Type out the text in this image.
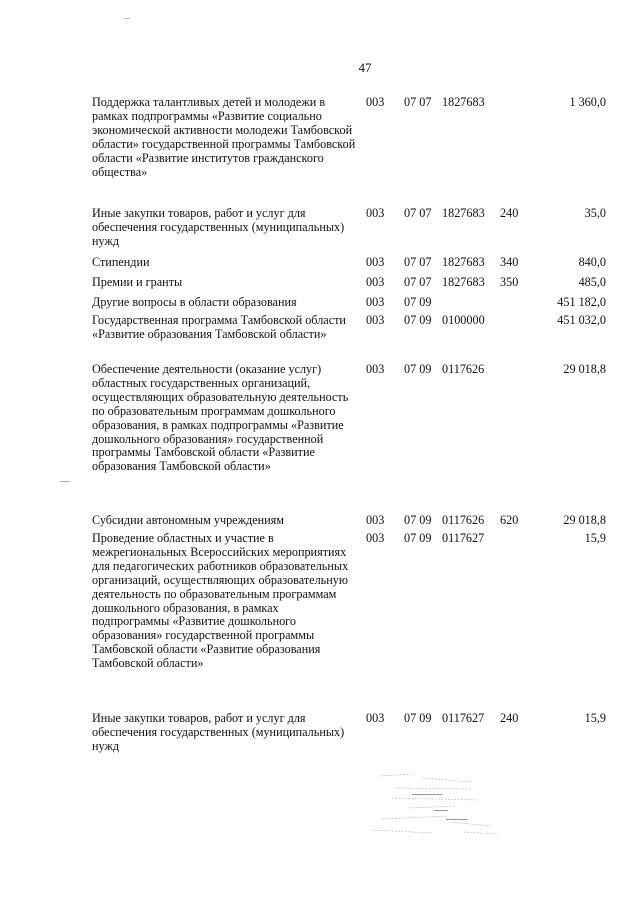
47
Поддержка талантливых детей и молодежи в рамках подпрограммы «Развитие социально экономической активности молодежи Тамбовской области» государственной программы Тамбовской области «Развитие институтов гражданского общества»
003	07 07 1827683	1 360,0
Иные закупки товаров, работ и услуг для обеспечения государственных (муниципальных) нужд
003	07 07 1827683	240	35,0
Стипендии	003	07 07 1827683	340	840,0
Премии и гранты	003	07 07 1827683	350	485,0
Другие вопросы в области образования	003	07 09	451 182,0
Государственная программа Тамбовской области «Развитие образования Тамбовской области»
003	07 09 0100000	451 032,0
Обеспечение деятельности (оказание услуг) областных государственных организаций, осуществляющих образовательную деятельность по образовательным программам дошкольного образования, в рамках подпрограммы «Развитие дошкольного образования» государственной программы Тамбовской области «Развитие образования Тамбовской области»
003	07 09 0117626	29 018,8
Субсидии автономным учреждениям	003	07 09 0117626	620	29 018,8
Проведение областных и участие в межрегиональных Всероссийских мероприятиях для педагогических работников образовательных организаций, осуществляющих образовательную деятельность по образовательным программам дошкольного образования, в рамках подпрограммы «Развитие дошкольного образования» государственной программы Тамбовской области «Развитие образования Тамбовской области»
003	07 09 0117627	15,9
Иные закупки товаров, работ и услуг для обеспечения государственных (муниципальных) нужд
003	07 09 0117627	240	15,9
